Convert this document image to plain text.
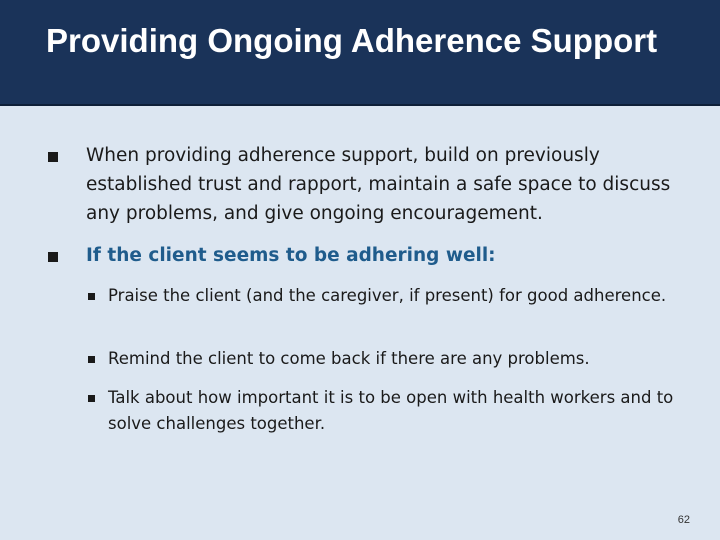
Providing Ongoing Adherence Support
When providing adherence support, build on previously established trust and rapport, maintain a safe space to discuss any problems, and give ongoing encouragement.
If the client seems to be adhering well:
Praise the client (and the caregiver, if present) for good adherence.
Remind the client to come back if there are any problems.
Talk about how important it is to be open with health workers and to solve challenges together.
62
